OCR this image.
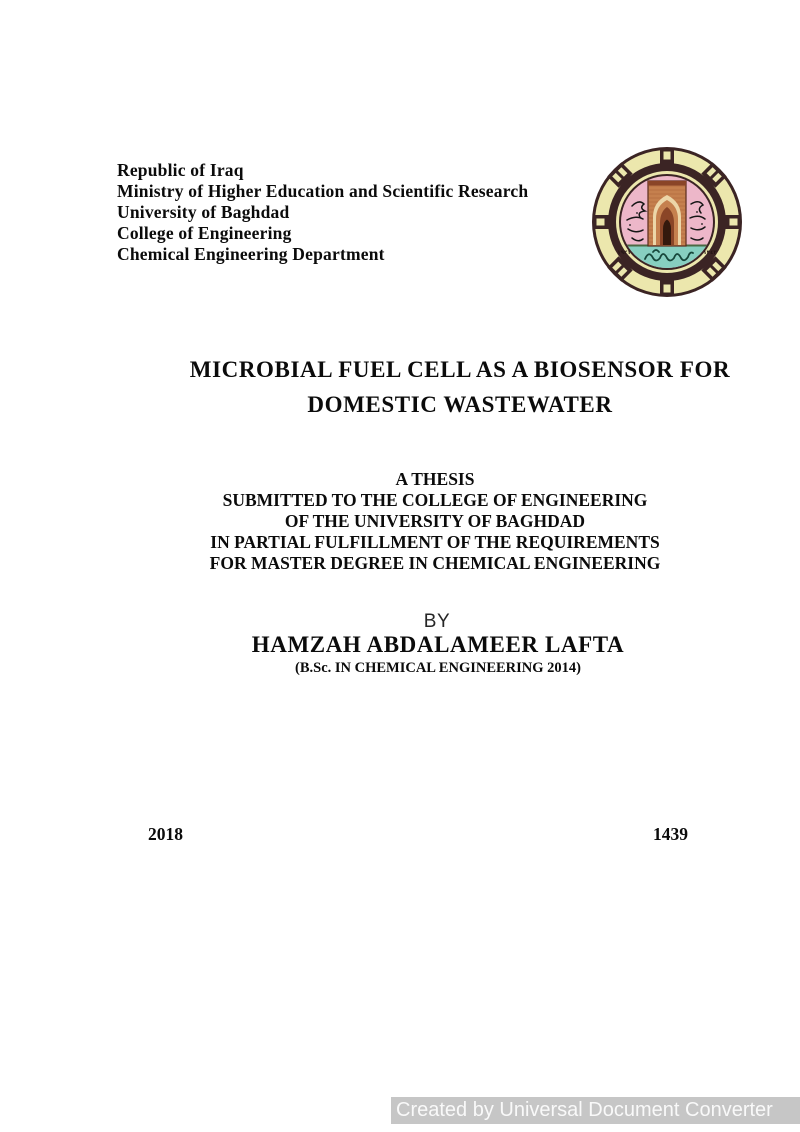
Republic of Iraq
Ministry of Higher Education and Scientific Research
University of Baghdad
College of Engineering
Chemical Engineering Department	١٩٢١	١٣٤٢
MICROBIAL FUEL CELL AS A BIOSENSOR FOR
DOMESTIC WASTEWATER
A THESIS
SUBMITTED TO THE COLLEGE OF ENGINEERING
OF THE UNIVERSITY OF BAGHDAD
IN PARTIAL FULFILLMENT OF THE REQUIREMENTS
FOR MASTER DEGREE IN CHEMICAL ENGINEERING
BY
HAMZAH ABDALAMEER LAFTA
(B.Sc. IN CHEMICAL ENGINEERING 2014)
2018	1439
Created by Universal Document Converter
